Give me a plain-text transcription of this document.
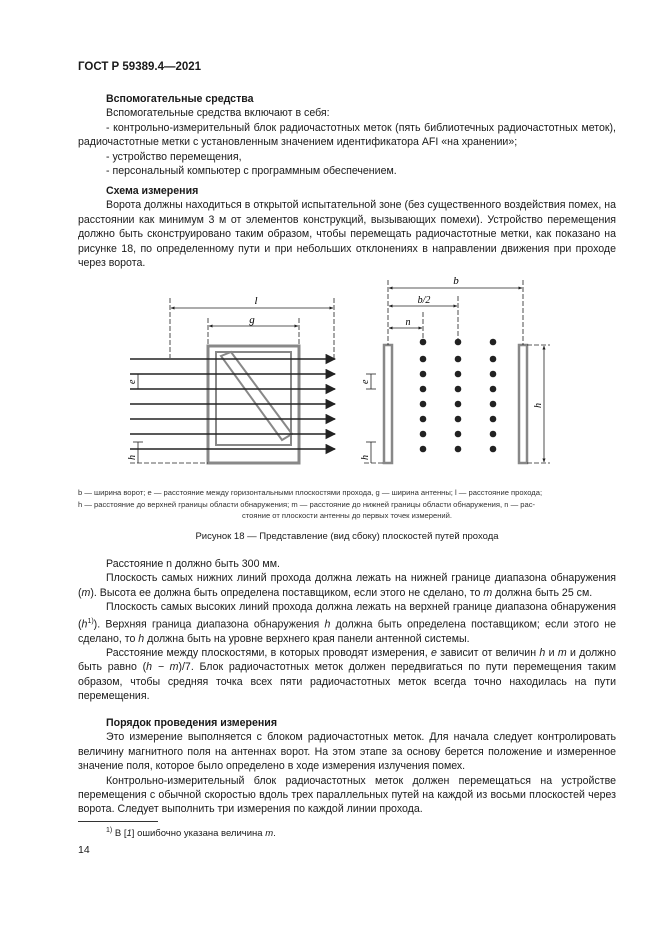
ГОСТ Р 59389.4—2021

Вспомогательные средства

Вспомогательные средства включают в себя:

- контрольно-измерительный блок радиочастотных меток (пять библиотечных радиочастотных меток), радиочастотные метки с установленным значением идентификатора AFI «на хранении»;

- устройство перемещения,

- персональный компьютер с программным обеспечением.

Схема измерения

Ворота должны находиться в открытой испытательной зоне (без существенного воздействия помех, на расстоянии как минимум 3 м от элементов конструкций, вызывающих помехи). Устройство перемещения должно быть сконструировано таким образом, чтобы перемещать радиочастотные метки, как показано на рисунке 18, по определенному пути и при небольших отклонениях в направлении движения при проходе через ворота.

l
g
e
h
b
b/2
n
e
h
h

b — ширина ворот; e — расстояние между горизонтальными плоскостями прохода, g — ширина антенны; l — расстояние прохода;

h — расстояние до верхней границы области обнаружения; m — расстояние до нижней границы области обнаружения, n — рас-

стояние от плоскости антенны до первых точек измерений.

Рисунок 18 — Представление (вид сбоку) плоскостей путей прохода

Расстояние n должно быть 300 мм.

Плоскость самых нижних линий прохода должна лежать на нижней границе диапазона обнаружения (m). Высота ее должна быть определена поставщиком, если этого не сделано, то m должна быть 25 см.

Плоскость самых высоких линий прохода должна лежать на верхней границе диапазона обнаружения $(h^{1)})$. Верхняя граница диапазона обнаружения h должна быть определена поставщиком; если этого не сделано, то h должна быть на уровне верхнего края панели антенной системы.

Расстояние между плоскостями, в которых проводят измерения, e зависит от величин h и m и должно быть равно (h − m)/7. Блок радиочастотных меток должен передвигаться по пути перемещения таким образом, чтобы средняя точка всех пяти радиочастотных меток всегда точно находилась на пути перемещения.

Порядок проведения измерения

Это измерение выполняется с блоком радиочастотных меток. Для начала следует контролировать величину магнитного поля на антеннах ворот. На этом этапе за основу берется положение и измеренное значение поля, которое было определено в ходе измерения излучения помех.

Контрольно-измерительный блок радиочастотных меток должен перемещаться на устройстве перемещения с обычной скоростью вдоль трех параллельных путей на каждой из восьми плоскостей через ворота. Следует выполнить три измерения по каждой линии прохода.

$^{1)}$ В [1] ошибочно указана величина m.
14
